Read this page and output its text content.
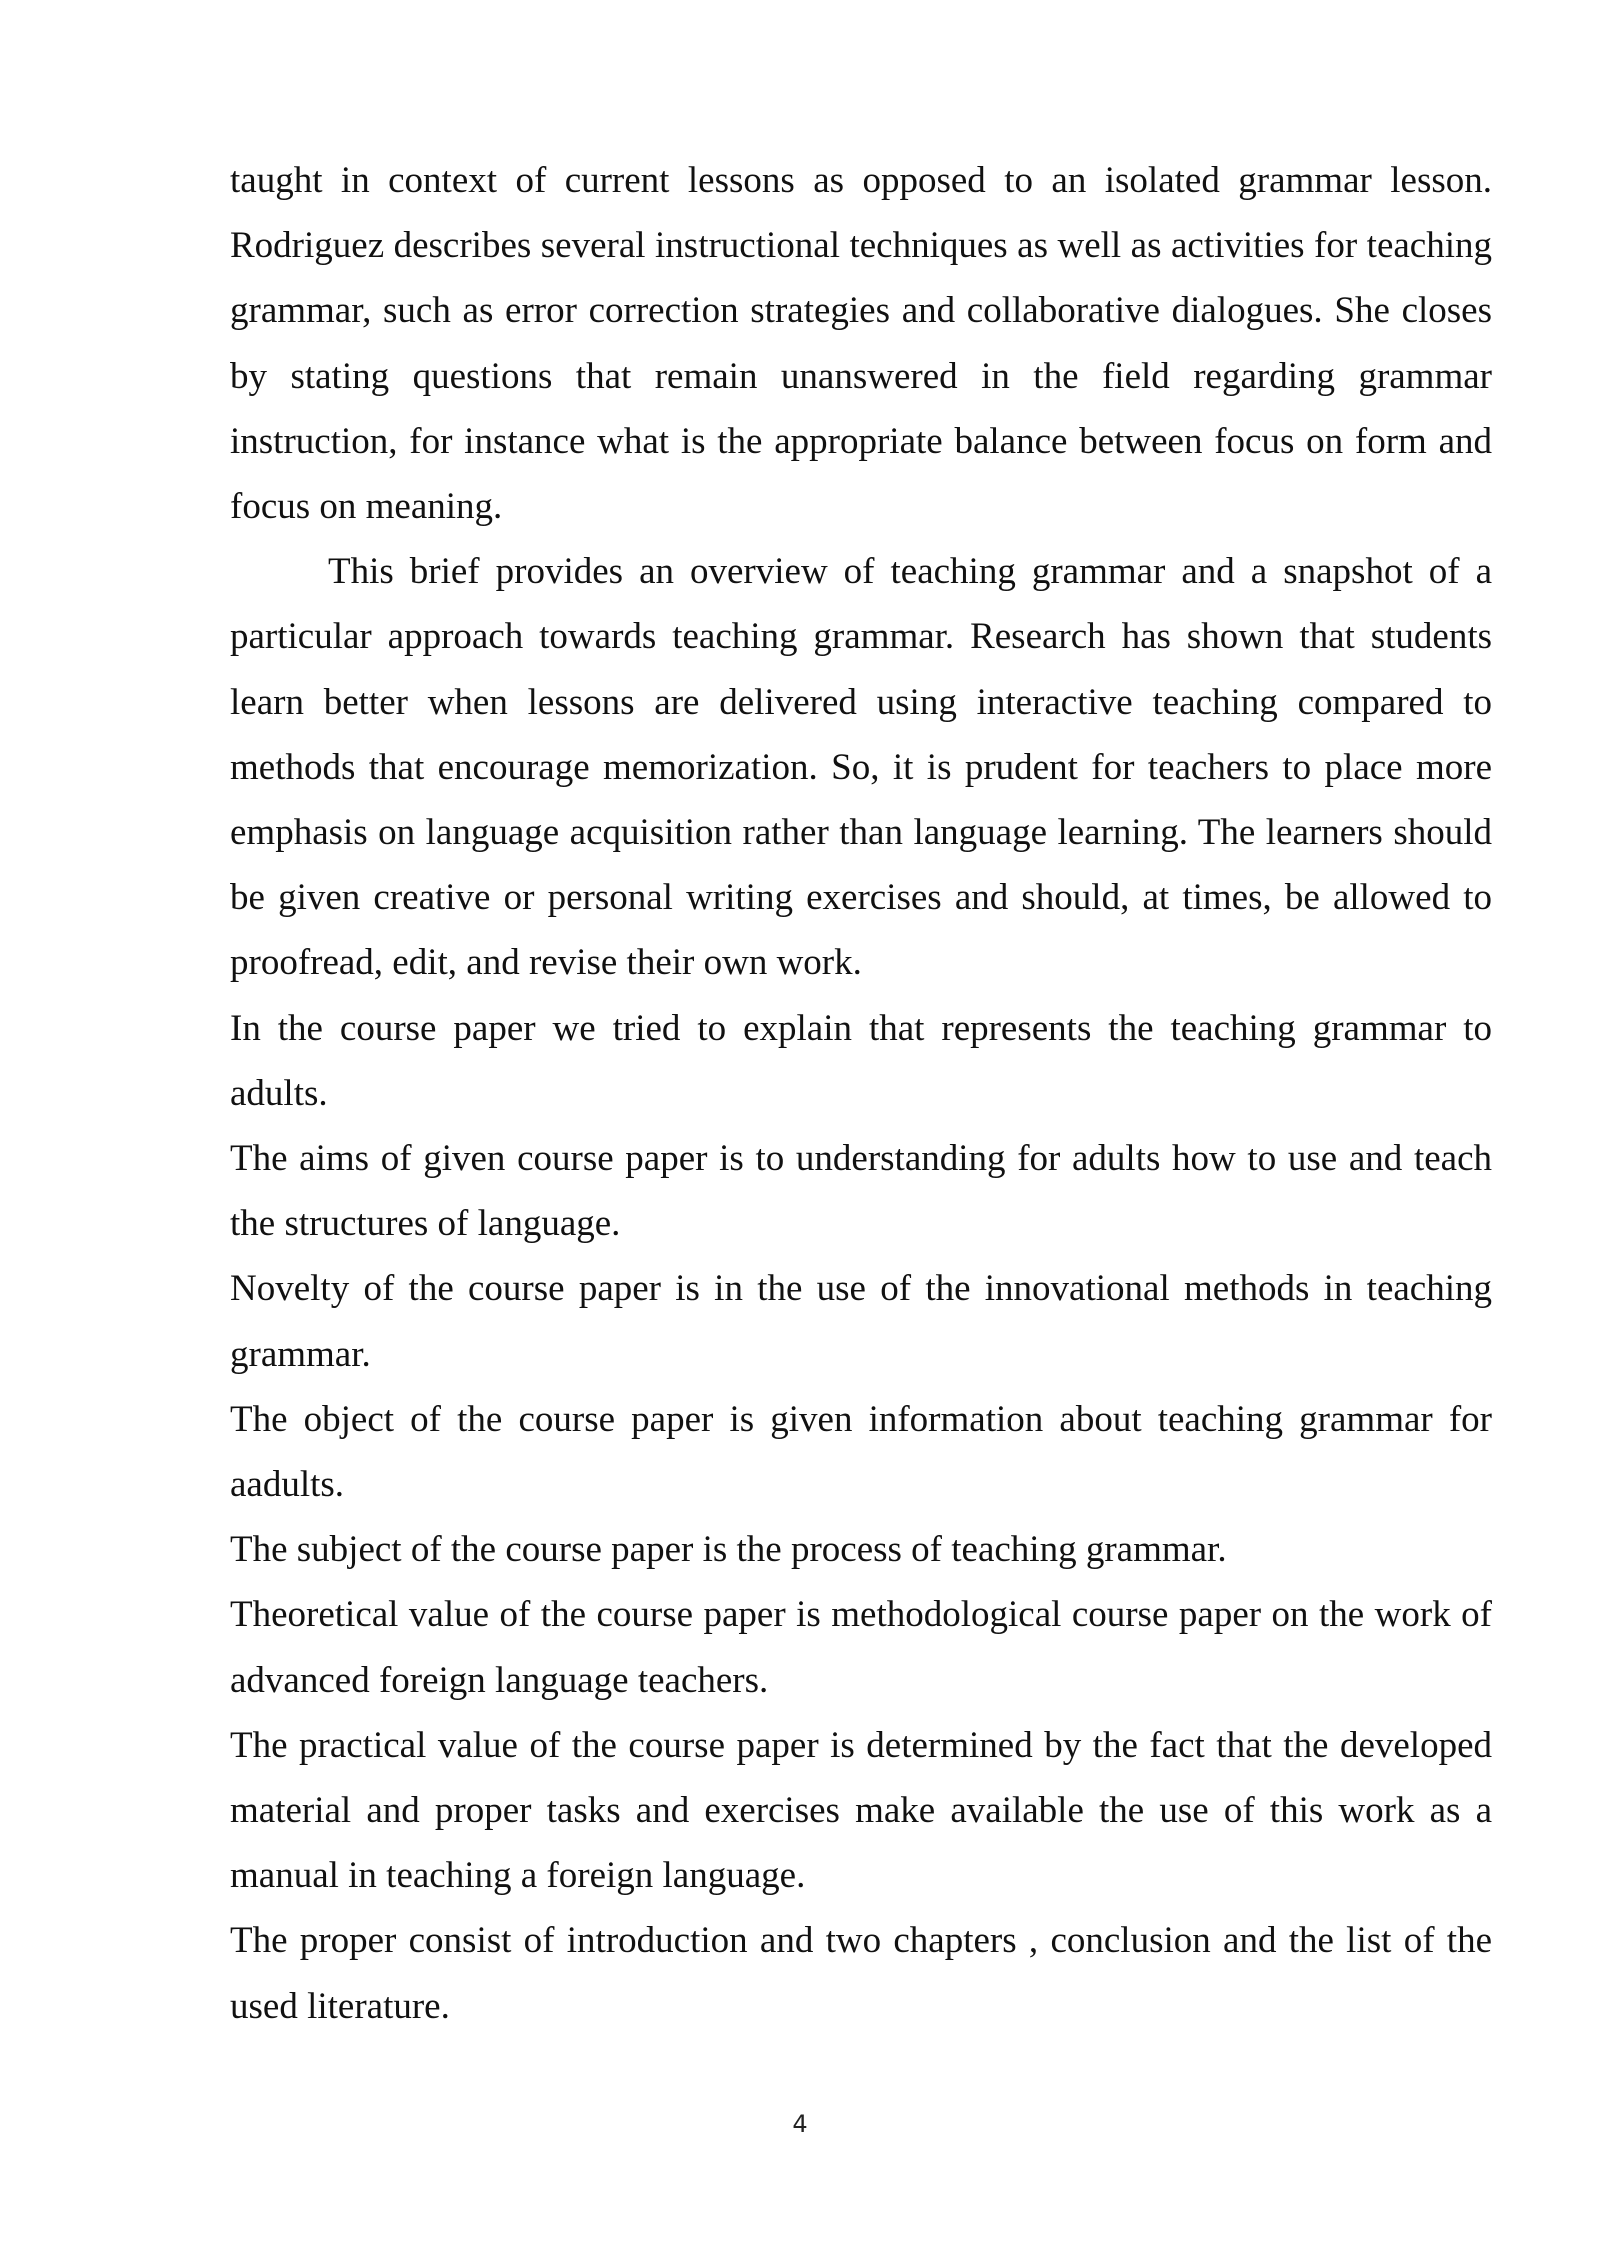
taught in context of current lessons as opposed to an isolated grammar lesson. Rodriguez describes several instructional techniques as well as activities for teaching grammar, such as error correction strategies and collaborative dialogues. She closes by stating questions that remain unanswered in the field regarding grammar instruction, for instance what is the appropriate balance between focus on form and focus on meaning.

This brief provides an overview of teaching grammar and a snapshot of a particular approach towards teaching grammar. Research has shown that students learn better when lessons are delivered using interactive teaching compared to methods that encourage memorization. So, it is prudent for teachers to place more emphasis on language acquisition rather than language learning. The learners should be given creative or personal writing exercises and should, at times, be allowed to proofread, edit, and revise their own work.

In the course paper we tried to explain that represents the teaching grammar to adults.

The aims of given course paper is to understanding for adults how to use and teach the structures of language.

Novelty of the course paper is in the use of the innovational methods in teaching grammar.

The object of the course paper is given information about teaching grammar for aadults.

The subject of the course paper is the process of teaching grammar.

Theoretical value of the course paper is methodological course paper on the work of advanced foreign language teachers.

The practical value of the course paper is determined by the fact that the developed material and proper tasks and exercises make available the use of this work as a manual in teaching a foreign language.

The proper consist of introduction and two chapters , conclusion and the list of the used literature.

4
